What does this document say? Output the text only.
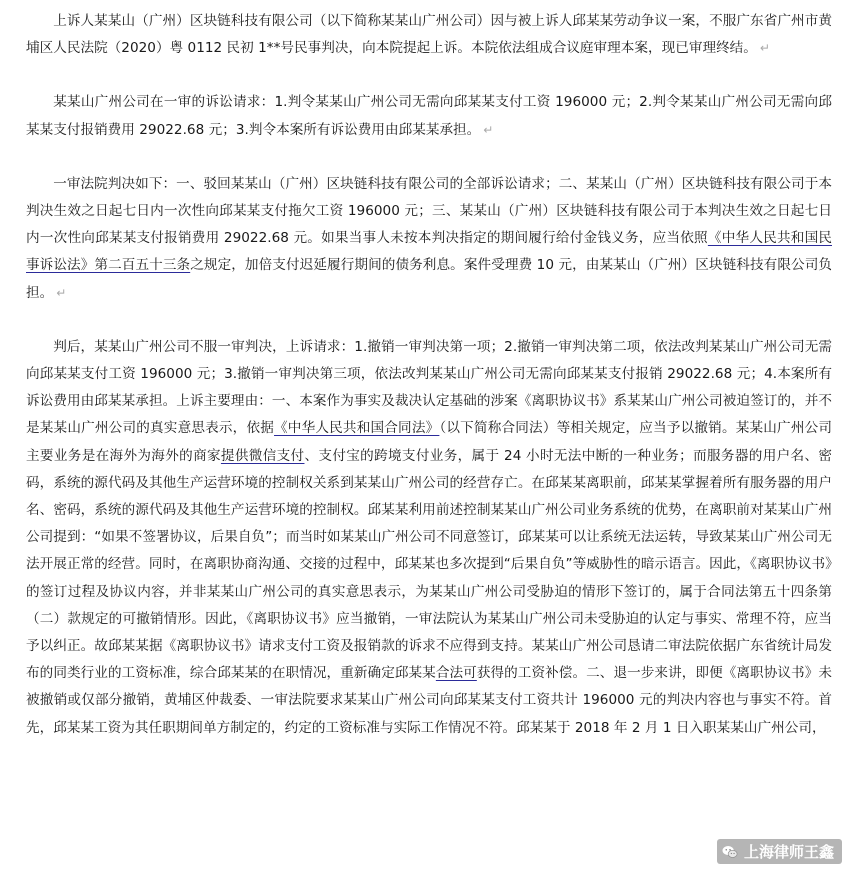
上诉人某某山（广州）区块链科技有限公司（以下简称某某山广州公司）因与被上诉人邱某某劳动争议一案，不服广东省广州市黄埔区人民法院（2020）粤 0112 民初 1**号民事判决，向本院提起上诉。本院依法组成合议庭审理本案，现已审理终结。 ↵

某某山广州公司在一审的诉讼请求：1.判令某某山广州公司无需向邱某某支付工资 196000 元；2.判令某某山广州公司无需向邱某某支付报销费用 29022.68 元；3.判令本案所有诉讼费用由邱某某承担。 ↵

一审法院判决如下：一、驳回某某山（广州）区块链科技有限公司的全部诉讼请求；二、某某山（广州）区块链科技有限公司于本判决生效之日起七日内一次性向邱某某支付拖欠工资 196000 元；三、某某山（广州）区块链科技有限公司于本判决生效之日起七日内一次性向邱某某支付报销费用 29022.68 元。如果当事人未按本判决指定的期间履行给付金钱义务，应当依照《中华人民共和国民事诉讼法》第二百五十三条之规定，加倍支付迟延履行期间的债务利息。案件受理费 10 元，由某某山（广州）区块链科技有限公司负担。 ↵

判后，某某山广州公司不服一审判决，上诉请求：1.撤销一审判决第一项；2.撤销一审判决第二项，依法改判某某山广州公司无需向邱某某支付工资 196000 元；3.撤销一审判决第三项，依法改判某某山广州公司无需向邱某某支付报销 29022.68 元；4.本案所有诉讼费用由邱某某承担。上诉主要理由：一、本案作为事实及裁决认定基础的涉案《离职协议书》系某某山广州公司被迫签订的，并不是某某山广州公司的真实意思表示，依据《中华人民共和国合同法》（以下简称合同法）等相关规定，应当予以撤销。某某山广州公司主要业务是在海外为海外的商家提供微信支付、支付宝的跨境支付业务，属于 24 小时无法中断的一种业务；而服务器的用户名、密码，系统的源代码及其他生产运营环境的控制权关系到某某山广州公司的经营存亡。在邱某某离职前，邱某某掌握着所有服务器的用户名、密码，系统的源代码及其他生产运营环境的控制权。邱某某利用前述控制某某山广州公司业务系统的优势，在离职前对某某山广州公司提到：“如果不签署协议，后果自负”；而当时如某某山广州公司不同意签订，邱某某可以让系统无法运转，导致某某山广州公司无法开展正常的经营。同时，在离职协商沟通、交接的过程中，邱某某也多次提到“后果自负”等威胁性的暗示语言。因此，《离职协议书》的签订过程及协议内容，并非某某山广州公司的真实意思表示，为某某山广州公司受胁迫的情形下签订的，属于合同法第五十四条第（二）款规定的可撤销情形。因此，《离职协议书》应当撤销，一审法院认为某某山广州公司未受胁迫的认定与事实、常理不符，应当予以纠正。故邱某某据《离职协议书》请求支付工资及报销款的诉求不应得到支持。某某山广州公司恳请二审法院依据广东省统计局发布的同类行业的工资标准，综合邱某某的在职情况，重新确定邱某某合法可获得的工资补偿。二、退一步来讲，即便《离职协议书》未被撤销或仅部分撤销，黄埔区仲裁委、一审法院要求某某山广州公司向邱某某支付工资共计 196000 元的判决内容也与事实不符。首先，邱某某工资为其任职期间单方制定的，约定的工资标准与实际工作情况不符。邱某某于 2018 年 2 月 1 日入职某某山广州公司，

上海律师王鑫
